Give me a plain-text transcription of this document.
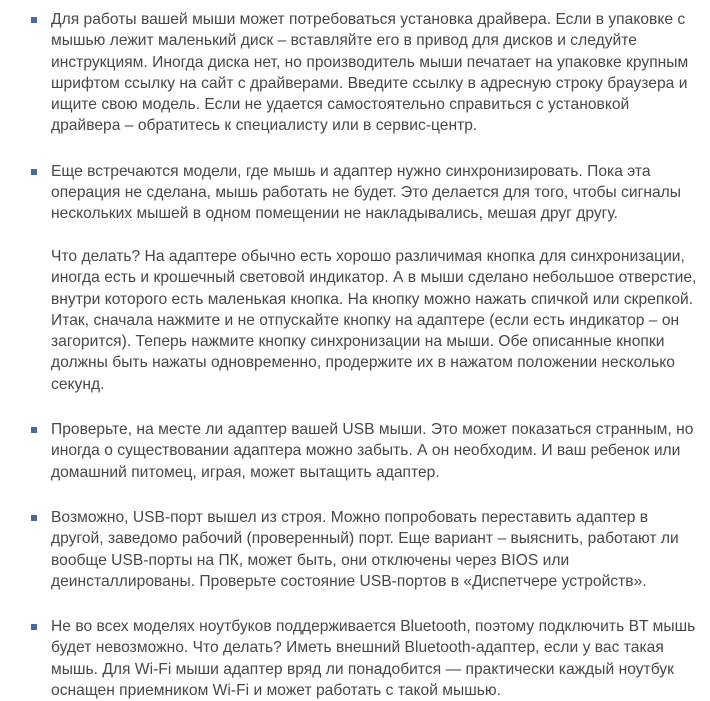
Для работы вашей мыши может потребоваться установка драйвера. Если в упаковке с мышью лежит маленький диск – вставляйте его в привод для дисков и следуйте инструкциям. Иногда диска нет, но производитель мыши печатает на упаковке крупным шрифтом ссылку на сайт с драйверами. Введите ссылку в адресную строку браузера и ищите свою модель. Если не удается самостоятельно справиться с установкой драйвера – обратитесь к специалисту или в сервис-центр.

Еще встречаются модели, где мышь и адаптер нужно синхронизировать. Пока эта операция не сделана, мышь работать не будет. Это делается для того, чтобы сигналы нескольких мышей в одном помещении не накладывались, мешая друг другу.

Что делать? На адаптере обычно есть хорошо различимая кнопка для синхронизации, иногда есть и крошечный световой индикатор. А в мыши сделано небольшое отверстие, внутри которого есть маленькая кнопка. На кнопку можно нажать спичкой или скрепкой. Итак, сначала нажмите и не отпускайте кнопку на адаптере (если есть индикатор – он загорится). Теперь нажмите кнопку синхронизации на мыши. Обе описанные кнопки должны быть нажаты одновременно, продержите их в нажатом положении несколько секунд.

Проверьте, на месте ли адаптер вашей USB мыши. Это может показаться странным, но иногда о существовании адаптера можно забыть. А он необходим. И ваш ребенок или домашний питомец, играя, может вытащить адаптер.

Возможно, USB-порт вышел из строя. Можно попробовать переставить адаптер в другой, заведомо рабочий (проверенный) порт. Еще вариант – выяснить, работают ли вообще USB-порты на ПК, может быть, они отключены через BIOS или деинсталлированы. Проверьте состояние USB-портов в «Диспетчере устройств».

Не во всех моделях ноутбуков поддерживается Bluetooth, поэтому подключить BT мышь будет невозможно. Что делать? Иметь внешний Bluetooth-адаптер, если у вас такая мышь. Для Wi-Fi мыши адаптер вряд ли понадобится — практически каждый ноутбук оснащен приемником Wi-Fi и может работать с такой мышью.
